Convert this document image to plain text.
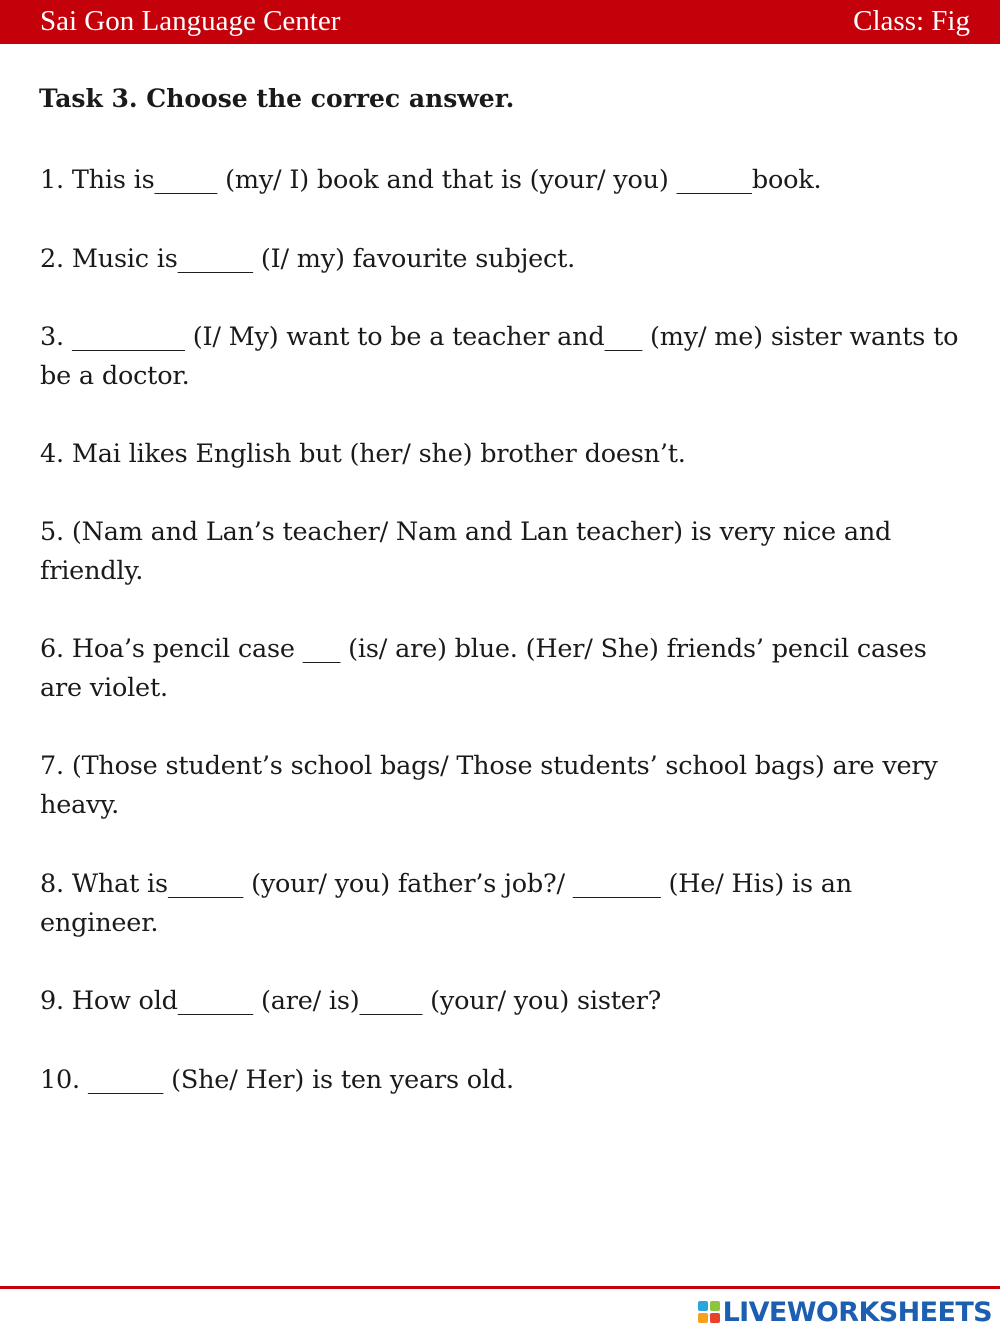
Sai Gon Language Center	Class: Fig
Task 3. Choose the correc answer.
1. This is_____ (my/ I) book and that is (your/ you) ______book.
2. Music is______ (I/ my) favourite subject.
3. _________ (I/ My) want to be a teacher and___ (my/ me) sister wants to be a doctor.
4. Mai likes English but (her/ she) brother doesn’t.
5. (Nam and Lan’s teacher/ Nam and Lan teacher) is very nice and friendly.
6. Hoa’s pencil case ___ (is/ are) blue. (Her/ She) friends’ pencil cases are violet.
7. (Those student’s school bags/ Those students’ school bags) are very heavy.
8. What is______ (your/ you) father’s job?/ _______ (He/ His) is an engineer.
9. How old______ (are/ is)_____ (your/ you) sister?
10. ______ (She/ Her) is ten years old.
LIVEWORKSHEETS
